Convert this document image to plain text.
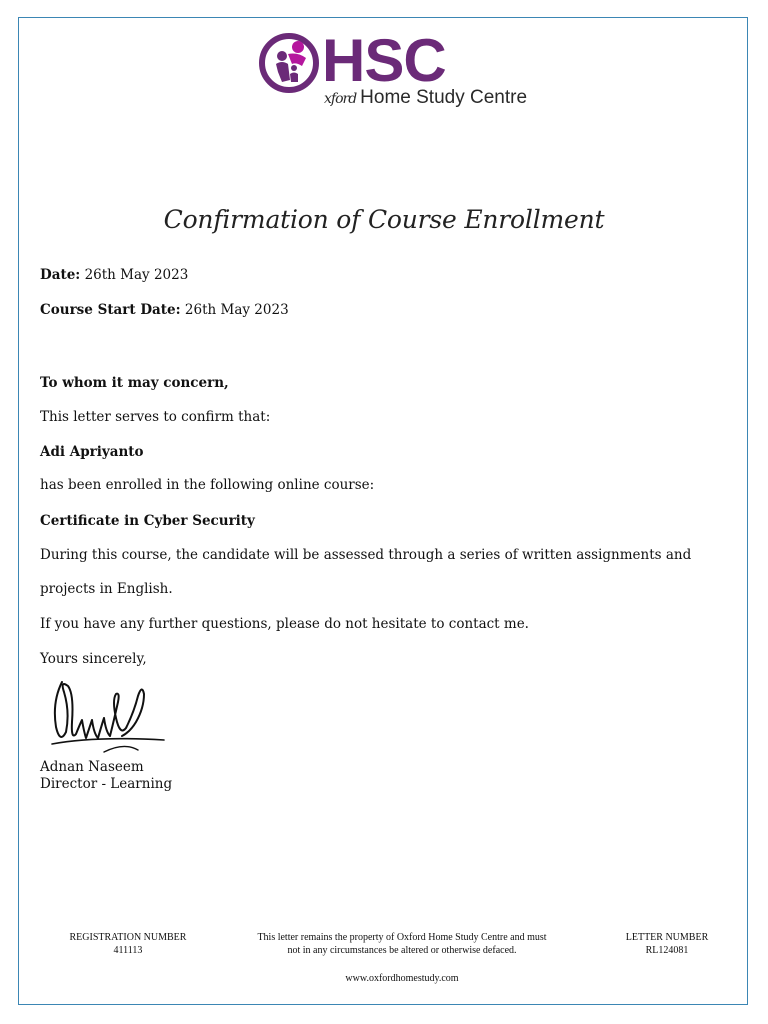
HSC
xford Home Study Centre
Confirmation of Course Enrollment
Date: 26th May 2023
Course Start Date: 26th May 2023
To whom it may concern,
This letter serves to confirm that:
Adi Apriyanto
has been enrolled in the following online course:
Certificate in Cyber Security
During this course, the candidate will be assessed through a series of written assignments and
projects in English.
If you have any further questions, please do not hesitate to contact me.
Yours sincerely,
Adnan Naseem
Director - Learning
REGISTRATION NUMBER
411113
This letter remains the property of Oxford Home Study Centre and must
not in any circumstances be altered or otherwise defaced.
LETTER NUMBER
RL124081
www.oxfordhomestudy.com
